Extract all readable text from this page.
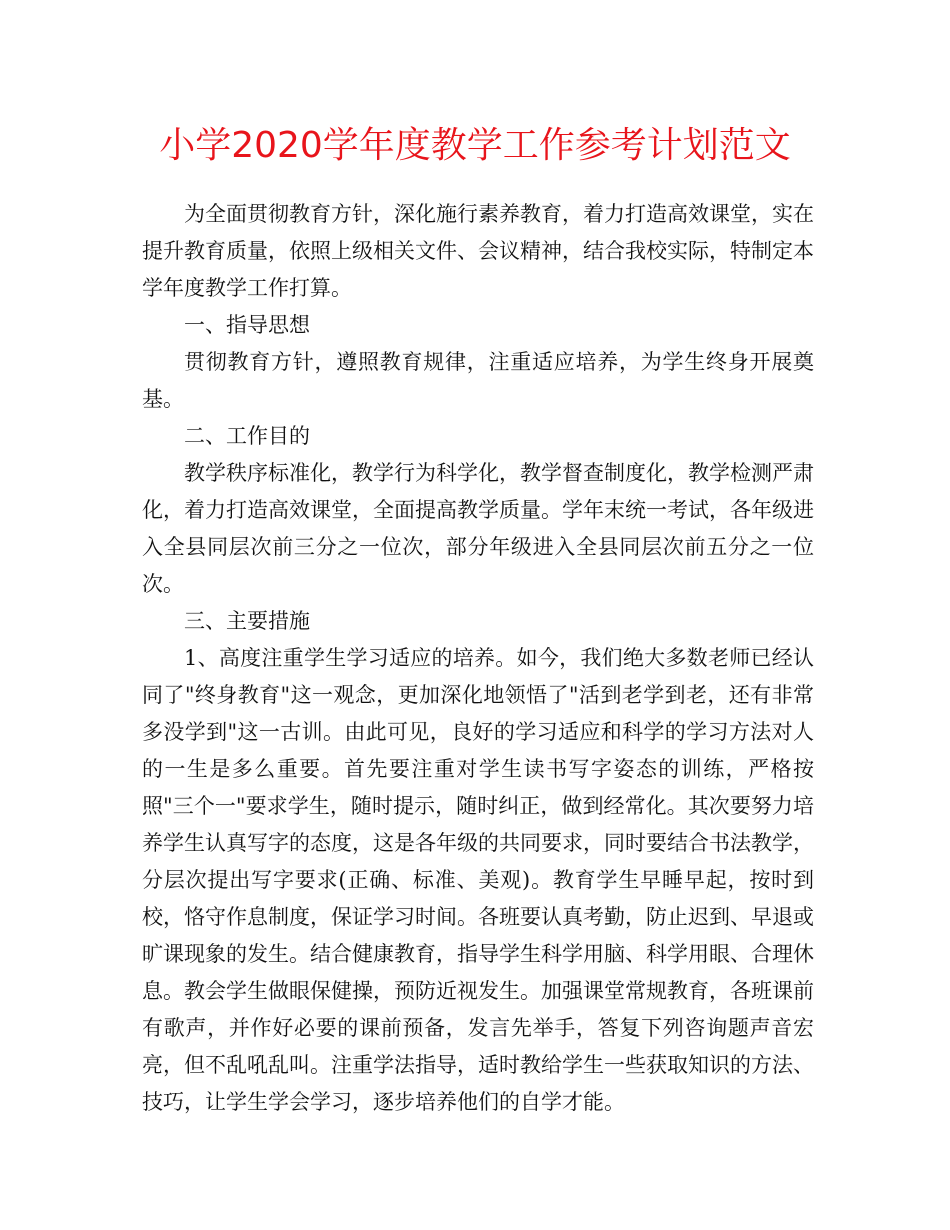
小学2020学年度教学工作参考计划范文

为全面贯彻教育方针，深化施行素养教育，着力打造高效课堂，实在提升教育质量，依照上级相关文件、会议精神，结合我校实际，特制定本学年度教学工作打算。

一、指导思想

贯彻教育方针，遵照教育规律，注重适应培养，为学生终身开展奠基。

二、工作目的

教学秩序标准化，教学行为科学化，教学督查制度化，教学检测严肃化，着力打造高效课堂，全面提高教学质量。学年末统一考试，各年级进入全县同层次前三分之一位次，部分年级进入全县同层次前五分之一位次。

三、主要措施

1、高度注重学生学习适应的培养。如今，我们绝大多数老师已经认同了"终身教育"这一观念，更加深化地领悟了"活到老学到老，还有非常多没学到"这一古训。由此可见，良好的学习适应和科学的学习方法对人的一生是多么重要。首先要注重对学生读书写字姿态的训练，严格按照"三个一"要求学生，随时提示，随时纠正，做到经常化。其次要努力培养学生认真写字的态度，这是各年级的共同要求，同时要结合书法教学，分层次提出写字要求(正确、标准、美观)。教育学生早睡早起，按时到校，恪守作息制度，保证学习时间。各班要认真考勤，防止迟到、早退或旷课现象的发生。结合健康教育，指导学生科学用脑、科学用眼、合理休息。教会学生做眼保健操，预防近视发生。加强课堂常规教育，各班课前有歌声，并作好必要的课前预备，发言先举手，答复下列咨询题声音宏亮，但不乱吼乱叫。注重学法指导，适时教给学生一些获取知识的方法、技巧，让学生学会学习，逐步培养他们的自学才能。
